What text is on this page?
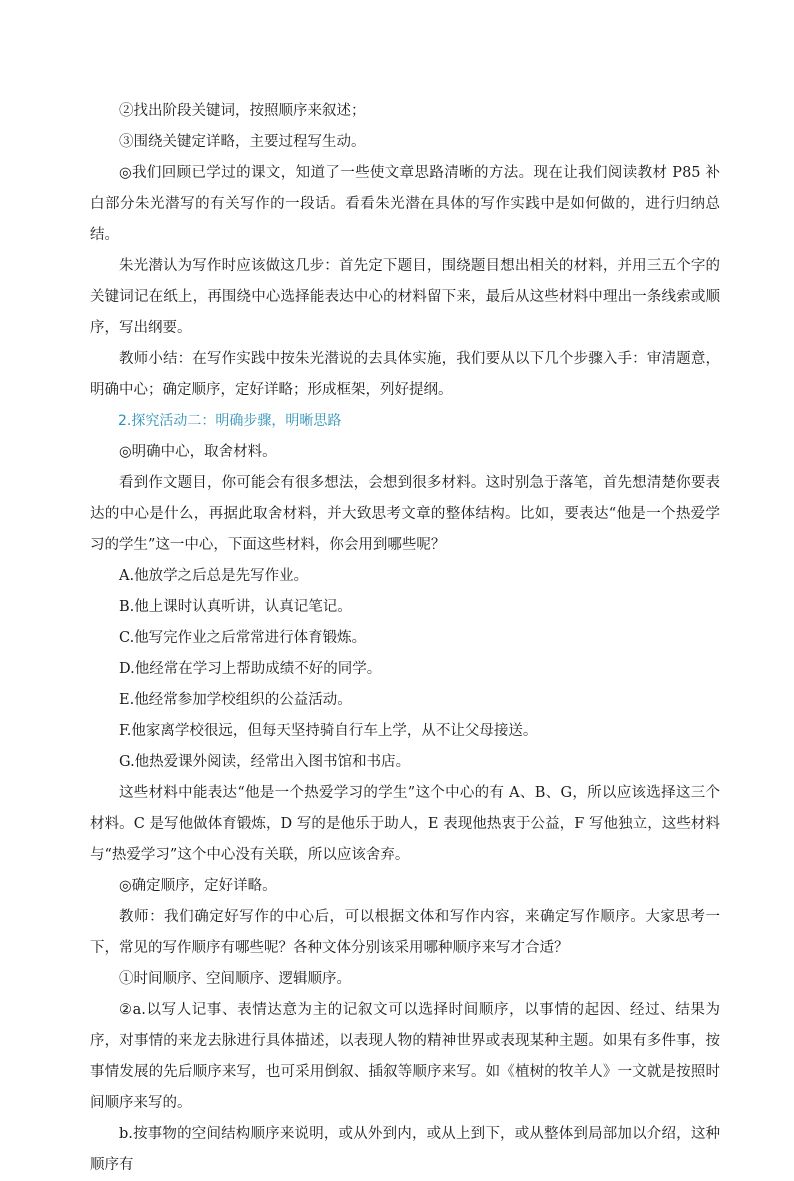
②找出阶段关键词，按照顺序来叙述；

③围绕关键定详略，主要过程写生动。

◎我们回顾已学过的课文，知道了一些使文章思路清晰的方法。现在让我们阅读教材 P85 补白部分朱光潜写的有关写作的一段话。看看朱光潜在具体的写作实践中是如何做的，进行归纳总结。

朱光潜认为写作时应该做这几步：首先定下题目，围绕题目想出相关的材料，并用三五个字的关键词记在纸上，再围绕中心选择能表达中心的材料留下来，最后从这些材料中理出一条线索或顺序，写出纲要。

教师小结：在写作实践中按朱光潜说的去具体实施，我们要从以下几个步骤入手：审清题意，明确中心；确定顺序，定好详略；形成框架，列好提纲。

2.探究活动二：明确步骤，明晰思路

◎明确中心，取舍材料。

看到作文题目，你可能会有很多想法，会想到很多材料。这时别急于落笔，首先想清楚你要表达的中心是什么，再据此取舍材料，并大致思考文章的整体结构。比如，要表达“他是一个热爱学习的学生”这一中心，下面这些材料，你会用到哪些呢？

A.他放学之后总是先写作业。

B.他上课时认真听讲，认真记笔记。

C.他写完作业之后常常进行体育锻炼。

D.他经常在学习上帮助成绩不好的同学。

E.他经常参加学校组织的公益活动。

F.他家离学校很远，但每天坚持骑自行车上学，从不让父母接送。

G.他热爱课外阅读，经常出入图书馆和书店。

这些材料中能表达“他是一个热爱学习的学生”这个中心的有 A、B、G，所以应该选择这三个材料。C 是写他做体育锻炼，D 写的是他乐于助人，E 表现他热衷于公益，F 写他独立，这些材料与“热爱学习”这个中心没有关联，所以应该舍弃。

◎确定顺序，定好详略。

教师：我们确定好写作的中心后，可以根据文体和写作内容，来确定写作顺序。大家思考一下，常见的写作顺序有哪些呢？各种文体分别该采用哪种顺序来写才合适？

①时间顺序、空间顺序、逻辑顺序。

②a.以写人记事、表情达意为主的记叙文可以选择时间顺序，以事情的起因、经过、结果为序，对事情的来龙去脉进行具体描述，以表现人物的精神世界或表现某种主题。如果有多件事，按事情发展的先后顺序来写，也可采用倒叙、插叙等顺序来写。如《植树的牧羊人》一文就是按照时间顺序来写的。

b.按事物的空间结构顺序来说明，或从外到内，或从上到下，或从整体到局部加以介绍，这种顺序有
